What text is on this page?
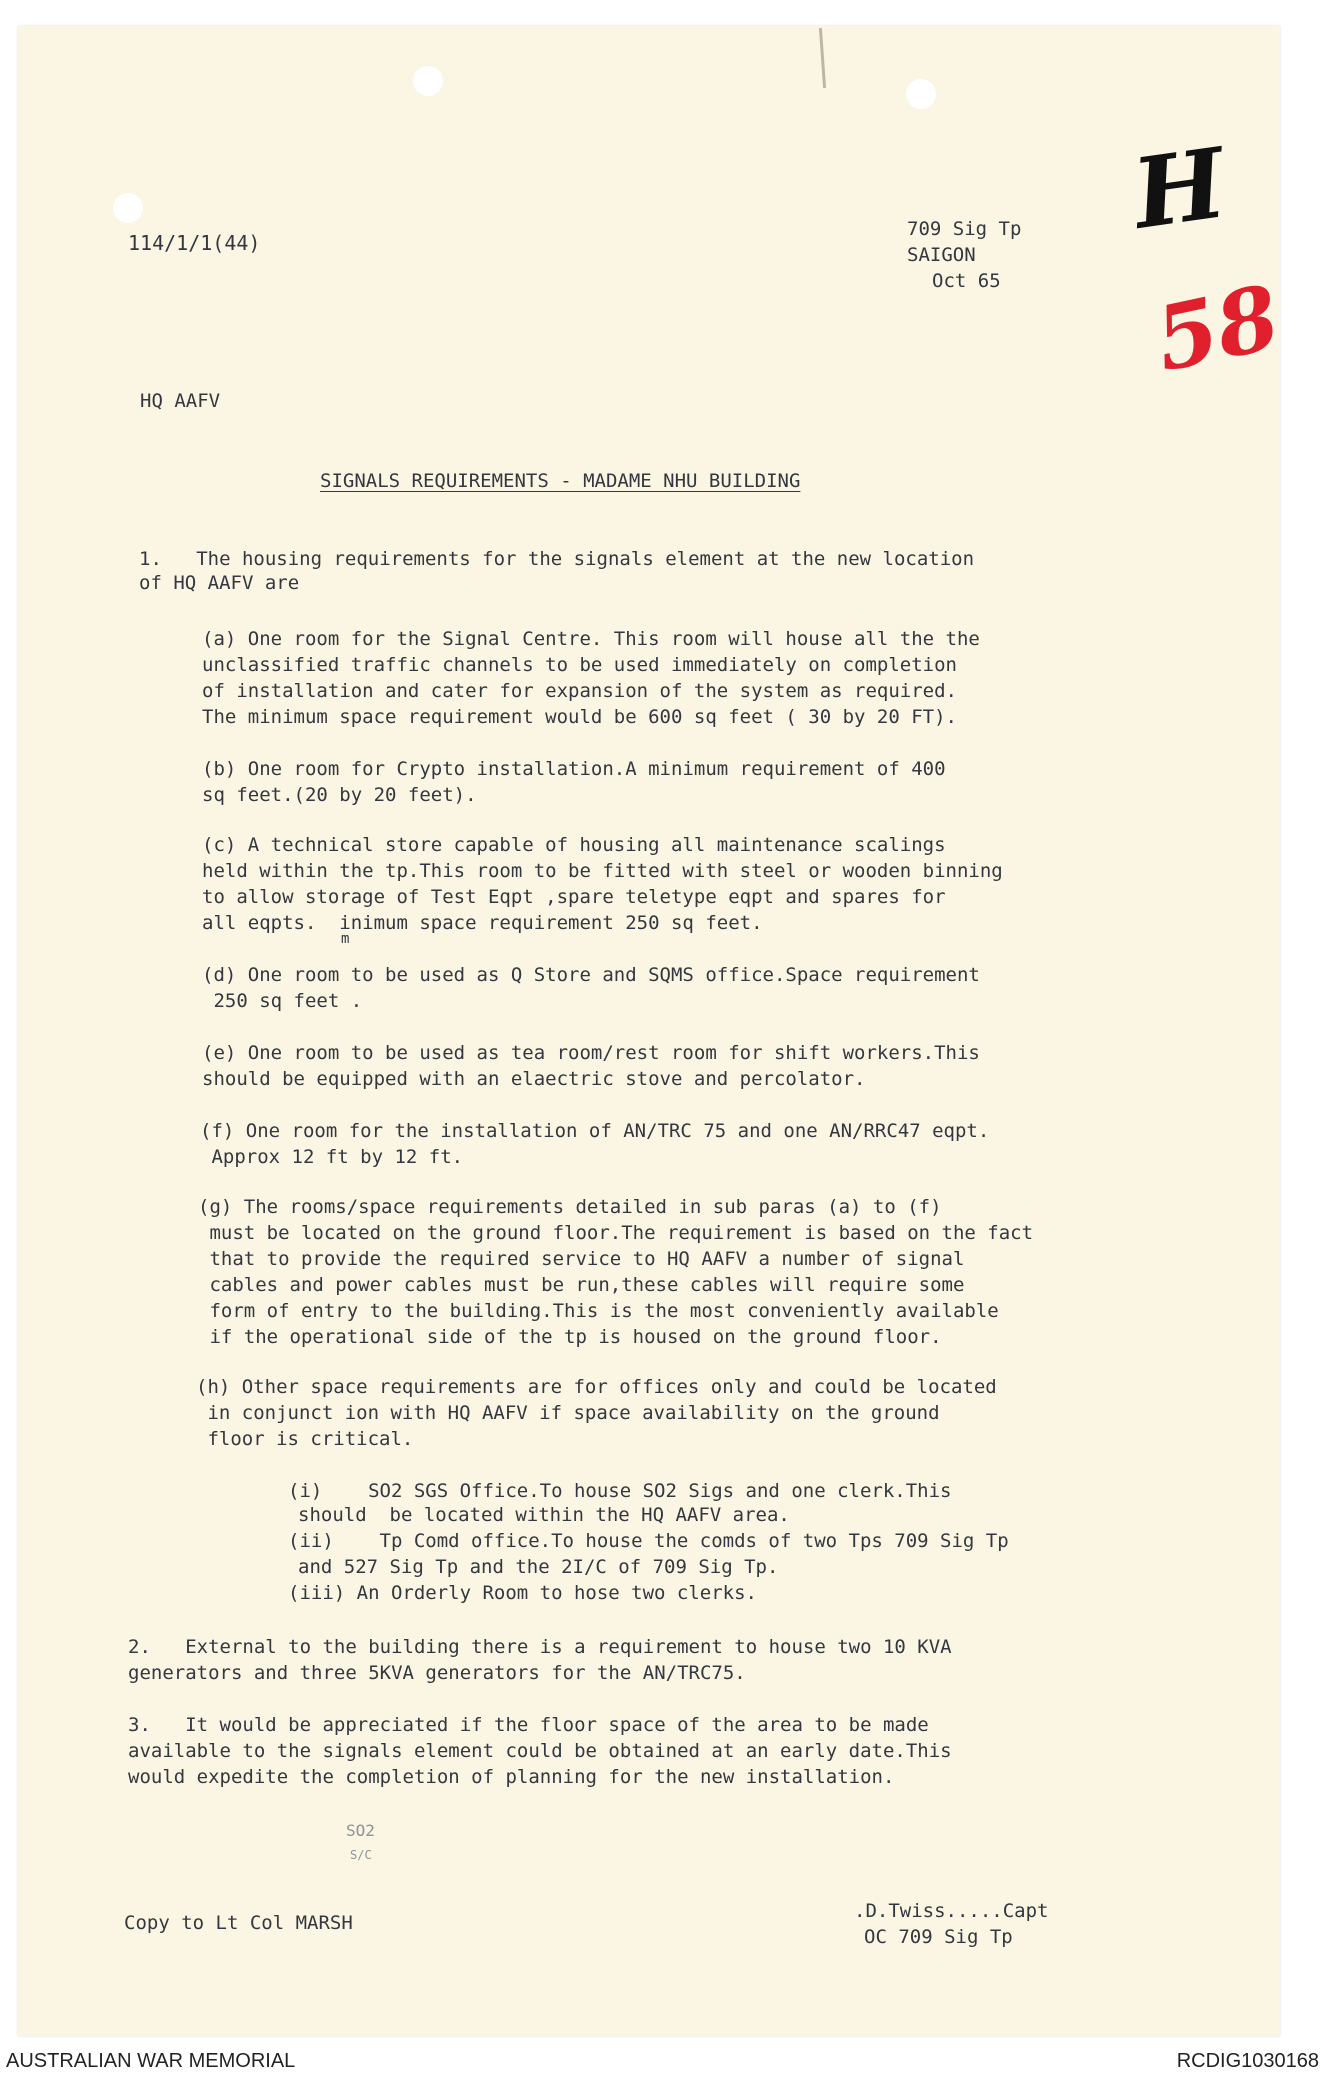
114/1/1(44)
709 Sig Tp
SAIGON
Oct 65
H
58
HQ AAFV
SIGNALS REQUIREMENTS - MADAME NHU BUILDING
1.   The housing requirements for the signals element at the new location
of HQ AAFV are
(a) One room for the Signal Centre. This room will house all the the
unclassified traffic channels to be used immediately on completion
of installation and cater for expansion of the system as required.
The minimum space requirement would be 600 sq feet ( 30 by 20 FT).
(b) One room for Crypto installation.A minimum requirement of 400
sq feet.(20 by 20 feet).
(c) A technical store capable of housing all maintenance scalings
held within the tp.This room to be fitted with steel or wooden binning
to allow storage of Test Eqpt ,spare teletype eqpt and spares for
all eqpts.  inimum space requirement 250 sq feet.
m
(d) One room to be used as Q Store and SQMS office.Space requirement
250 sq feet .
(e) One room to be used as tea room/rest room for shift workers.This
should be equipped with an elaectric stove and percolator.
(f) One room for the installation of AN/TRC 75 and one AN/RRC47 eqpt.
Approx 12 ft by 12 ft.
(g) The rooms/space requirements detailed in sub paras (a) to (f)
must be located on the ground floor.The requirement is based on the fact
that to provide the required service to HQ AAFV a number of signal
cables and power cables must be run,these cables will require some
form of entry to the building.This is the most conveniently available
if the operational side of the tp is housed on the ground floor.
(h) Other space requirements are for offices only and could be located
in conjunct ion with HQ AAFV if space availability on the ground
floor is critical.
(i)    SO2 SGS Office.To house SO2 Sigs and one clerk.This
should  be located within the HQ AAFV area.
(ii)    Tp Comd office.To house the comds of two Tps 709 Sig Tp
and 527 Sig Tp and the 2I/C of 709 Sig Tp.
(iii) An Orderly Room to hose two clerks.
2.   External to the building there is a requirement to house two 10 KVA
generators and three 5KVA generators for the AN/TRC75.
3.   It would be appreciated if the floor space of the area to be made
available to the signals element could be obtained at an early date.This
would expedite the completion of planning for the new installation.
SO2
S/C
Copy to Lt Col MARSH
.D.Twiss.....Capt
OC 709 Sig Tp
AUSTRALIAN WAR MEMORIAL	RCDIG1030168
